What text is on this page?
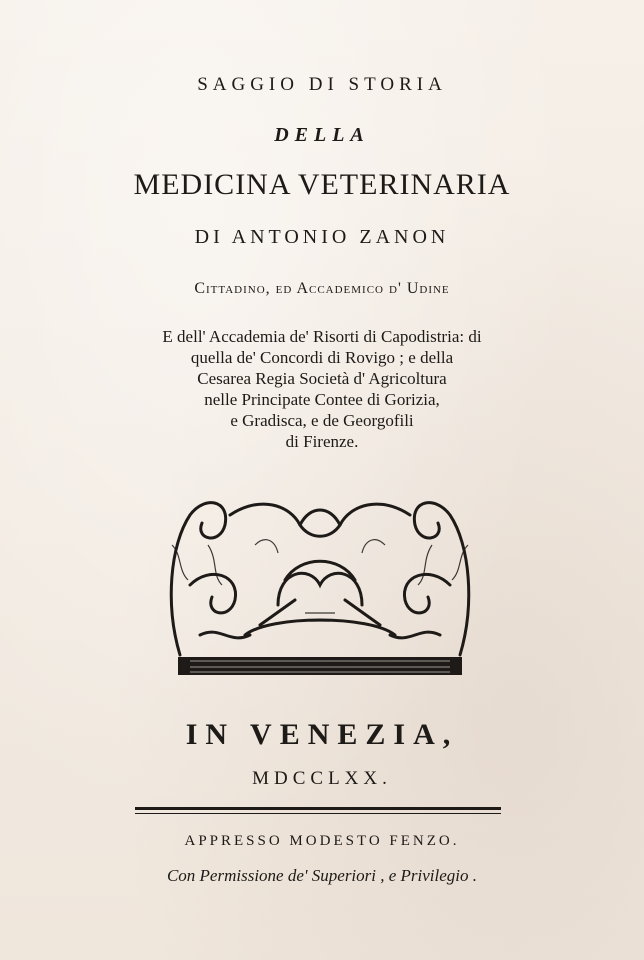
SAGGIO DI STORIA
DELLA
MEDICINA VETERINARIA
DI ANTONIO ZANON
Cittadino, ed Accademico d' Udine
E dell' Accademia de' Risorti di Capodistria: di
quella de' Concordi di Rovigo ; e della
Cesarea Regia Società d' Agricoltura
nelle Principate Contee di Gorizia,
e Gradisca, e de Georgofili
di Firenze.
IN VENEZIA,
MDCCLXX.
APPRESSO MODESTO FENZO.
Con Permissione de' Superiori , e Privilegio .
